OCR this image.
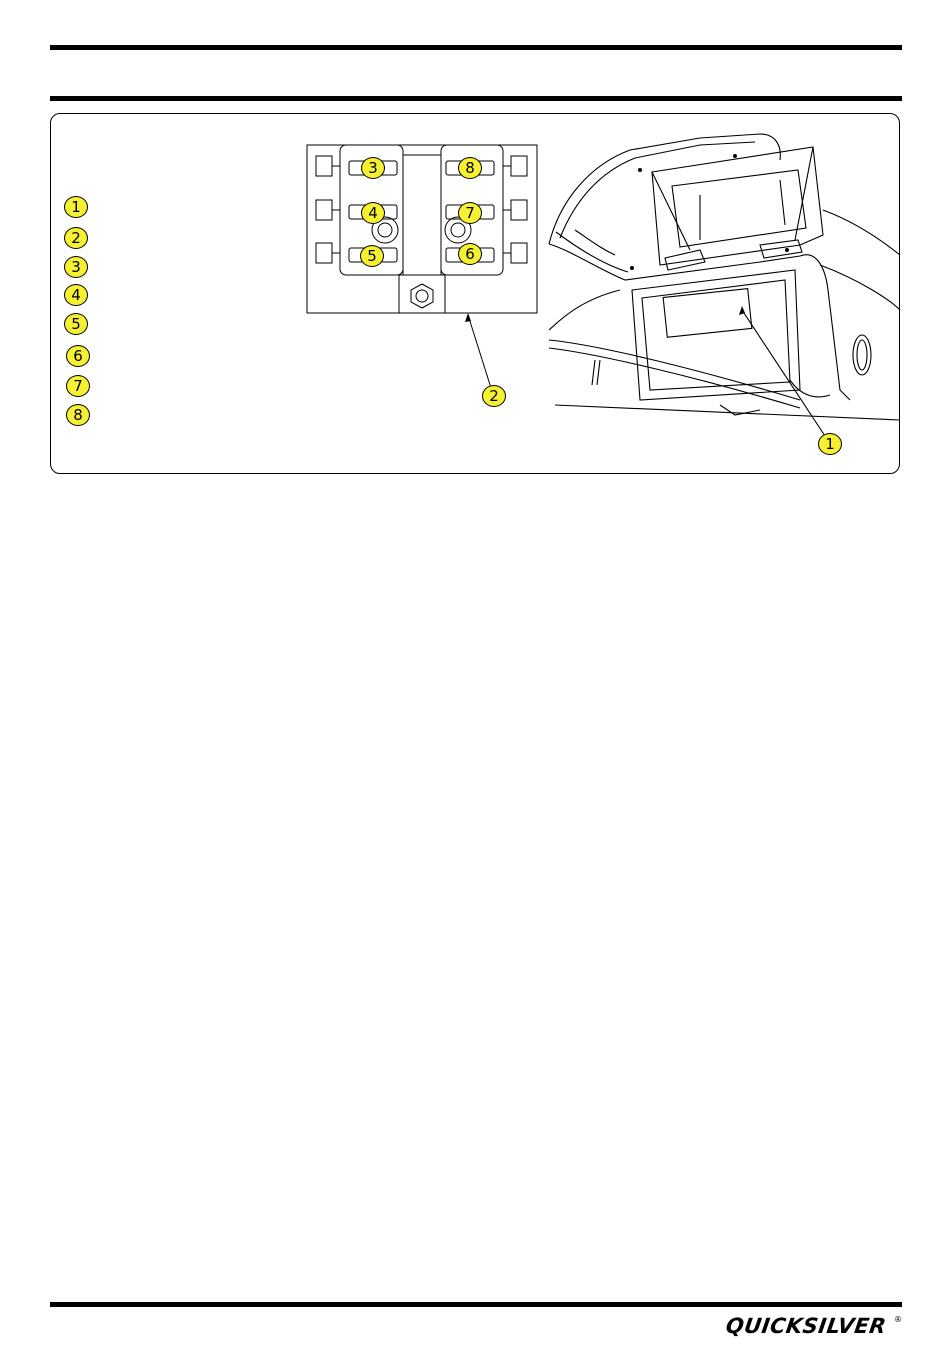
1
2
3
4
5
6
7
8
3	8
4	7
5	6
2
1
QUICKSILVER ®
